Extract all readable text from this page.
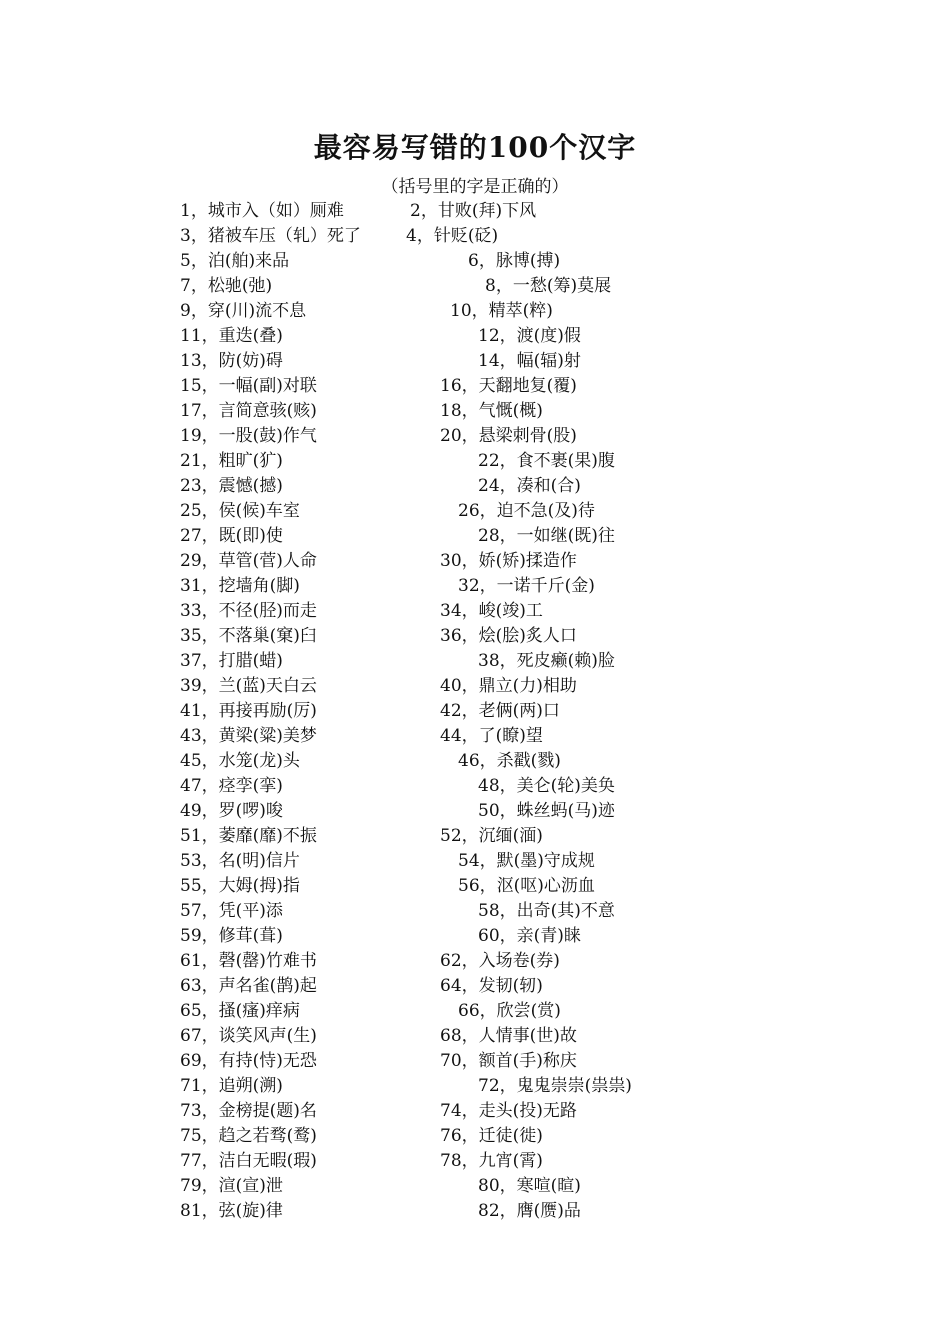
最容易写错的100个汉字
（括号里的字是正确的）
1，城市入（如）厕难	2，甘败(拜)下风
3，猪被车压（轧）死了	4，针贬(砭)
5，泊(舶)来品	6，脉博(搏)
7，松驰(弛)	8，一愁(筹)莫展
9，穿(川)流不息	10，精萃(粹)
11，重迭(叠)	12，渡(度)假
13，防(妨)碍	14，幅(辐)射
15，一幅(副)对联	16，天翻地复(覆)
17，言简意骇(赅)	18，气慨(概)
19，一股(鼓)作气	20，悬梁刺骨(股)
21，粗旷(犷)	22，食不裹(果)腹
23，震憾(撼)	24，凑和(合)
25，侯(候)车室	26，迫不急(及)待
27，既(即)使	28，一如继(既)往
29，草管(菅)人命	30，娇(矫)揉造作
31，挖墙角(脚)	32，一诺千斤(金)
33，不径(胫)而走	34，峻(竣)工
35，不落巢(窠)臼	36，烩(脍)炙人口
37，打腊(蜡)	38，死皮癞(赖)脸
39，兰(蓝)天白云	40，鼎立(力)相助
41，再接再励(厉)	42，老俩(两)口
43，黄梁(粱)美梦	44，了(瞭)望
45，水笼(龙)头	46，杀戳(戮)
47，痉孪(挛)	48，美仑(轮)美奂
49，罗(啰)唆	50，蛛丝蚂(马)迹
51，萎靡(靡)不振	52，沉缅(湎)
53，名(明)信片	54，默(墨)守成规
55，大姆(拇)指	56，沤(呕)心沥血
57，凭(平)添	58，出奇(其)不意
59，修茸(葺)	60，亲(青)睐
61，磬(罄)竹难书	62，入场卷(券)
63，声名雀(鹊)起	64，发韧(轫)
65，搔(瘙)痒病	66，欣尝(赏)
67，谈笑风声(生)	68，人情事(世)故
69，有持(恃)无恐	70，额首(手)称庆
71，追朔(溯)	72，鬼鬼崇崇(祟祟)
73，金榜提(题)名	74，走头(投)无路
75，趋之若骛(鹜)	76，迁徒(徙)
77，洁白无暇(瑕)	78，九宵(霄)
79，渲(宣)泄	80，寒喧(暄)
81，弦(旋)律	82，膺(赝)品
